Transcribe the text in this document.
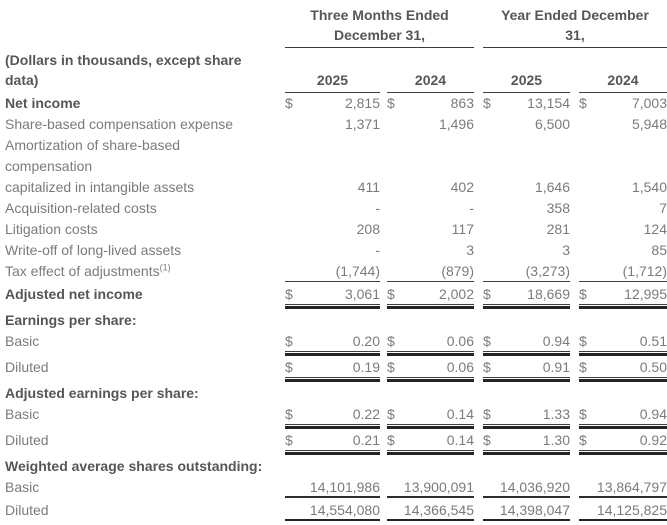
Three Months Ended	Year Ended December
December 31,	31,
(Dollars in thousands, except share
data)	2025	2024	2025	2024
Net income	$	2,815 $	863 $	13,154 $	7,003
Share-based compensation expense	1,371	1,496	6,500	5,948
Amortization of share-based
compensation
capitalized in intangible assets	411	402	1,646	1,540
Acquisition-related costs	-	-	358	7
Litigation costs	208	117	281	124
Write-off of long-lived assets	-	3	3	85
Tax effect of adjustments$^{(1)}$	(1,744)	(879)	(3,273)	(1,712)
Adjusted net income	$	3,061 $	2,002 $	18,669 $	12,995
Earnings per share:
Basic	$	0.20 $	0.06 $	0.94 $	0.51
Diluted	$	0.19 $	0.06 $	0.91 $	0.50
Adjusted earnings per share:
Basic	$	0.22 $	0.14 $	1.33 $	0.94
Diluted	$	0.21 $	0.14 $	1.30 $	0.92
Weighted average shares outstanding:
Basic	14,101,986 13,900,091 14,036,920 13,864,797
Diluted	14,554,080 14,366,545 14,398,047 14,125,825
